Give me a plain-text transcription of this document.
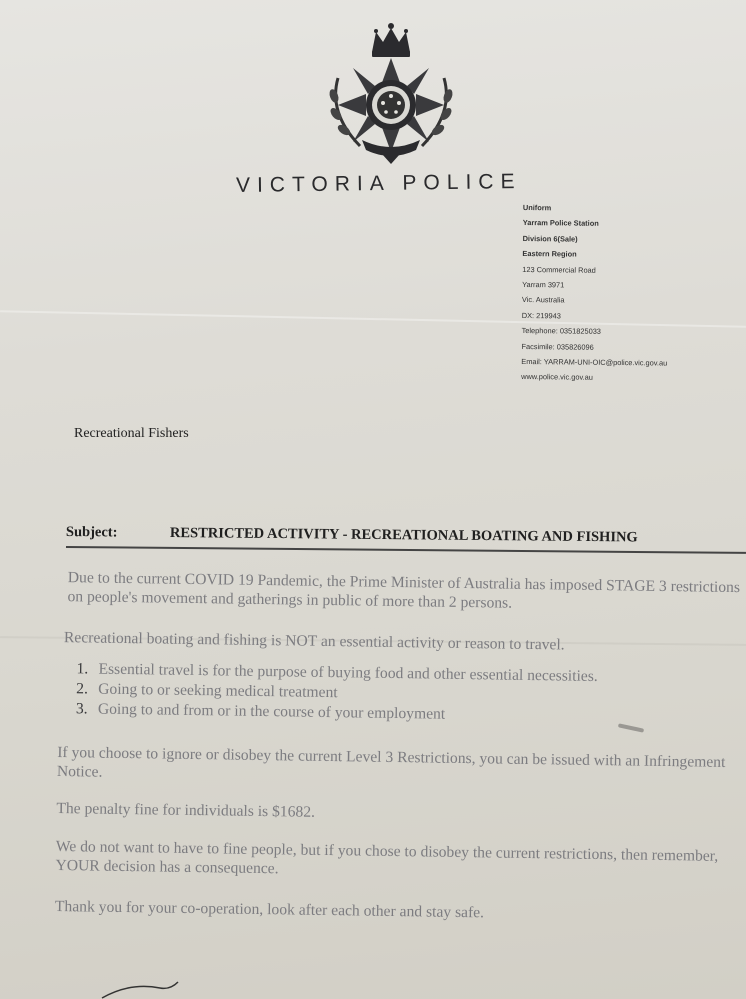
VICTORIA POLICE
Uniform
Yarram Police Station
Division 6(Sale)
Eastern Region
123 Commercial Road
Yarram 3971
Vic. Australia
DX: 219943
Telephone: 0351825033
Facsimile: 035826096
Email: YARRAM-UNI-OIC@police.vic.gov.au
www.police.vic.gov.au
Recreational Fishers
Subject:	RESTRICTED ACTIVITY - RECREATIONAL BOATING AND FISHING

Due to the current COVID 19 Pandemic, the Prime Minister of Australia has imposed STAGE 3 restrictions on people's movement and gatherings in public of more than 2 persons.

Recreational boating and fishing is NOT an essential activity or reason to travel.

1. Essential travel is for the purpose of buying food and other essential necessities.
2. Going to or seeking medical treatment
3. Going to and from or in the course of your employment

If you choose to ignore or disobey the current Level 3 Restrictions, you can be issued with an Infringement Notice.

The penalty fine for individuals is $1682.

We do not want to have to fine people, but if you chose to disobey the current restrictions, then remember, YOUR decision has a consequence.

Thank you for your co-operation, look after each other and stay safe.
